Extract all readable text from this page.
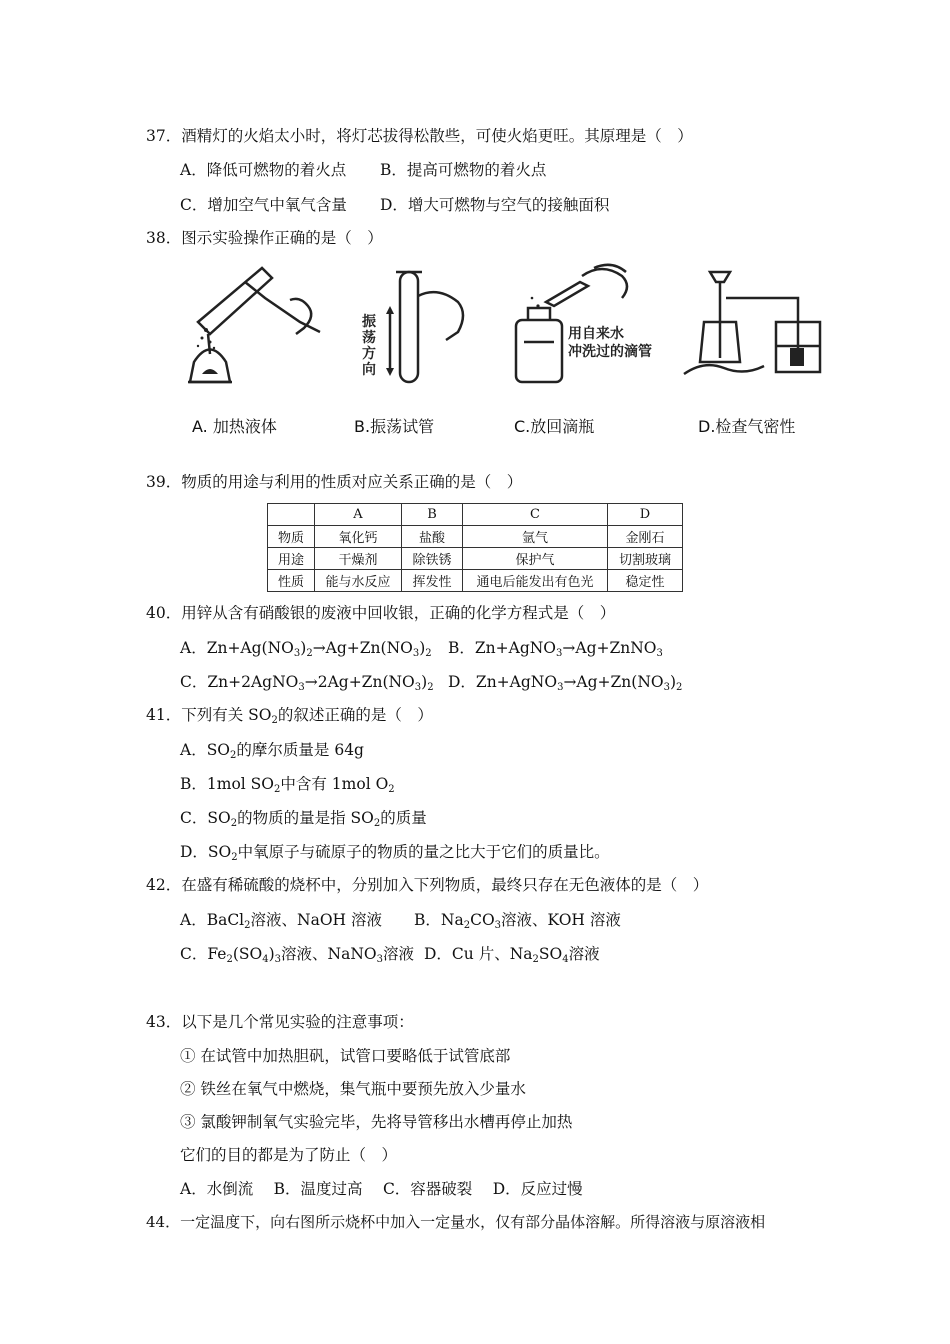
37．酒精灯的火焰太小时，将灯芯拔得松散些，可使火焰更旺。其原理是（　）
A．降低可燃物的着火点 B．提高可燃物的着火点
C．增加空气中氧气含量 D．增大可燃物与空气的接触面积
38．图示实验操作正确的是（　）
振
荡
方
向
用自来水
冲洗过的滴管
A. 加热液体	B.振荡试管	C.放回滴瓶	D.检查气密性
39．物质的用途与利用的性质对应关系正确的是（　）
	A	B	C	D
物质	氧化钙	盐酸	氩气	金刚石
用途	干燥剂	除铁锈	保护气	切割玻璃
性质	能与水反应	挥发性	通电后能发出有色光	稳定性
40．用锌从含有硝酸银的废液中回收银，正确的化学方程式是（　）
A．$Zn+Ag(NO_3)_2\to Ag+Zn(NO_3)_2$ B．Zn+AgNO$_3$→Ag+ZnNO$_3$
C．$Zn+2AgNO_3\to 2Ag+Zn(NO_3)_2$ D．$Zn+AgNO_3\to Ag+Zn(NO_3)_2$
41．下列有关 $SO_2$的叙述正确的是（　）
A．$SO_2$的摩尔质量是 64g
B．1mol $SO_2$中含有 1mol $O_2$
C．$SO_2$的物质的量是指 $SO_2$的质量
D．$SO_2$中氧原子与硫原子的物质的量之比大于它们的质量比。
42．在盛有稀硫酸的烧杯中，分别加入下列物质，最终只存在无色液体的是（　）
A．BaCl$_2$溶液、NaOH 溶液 B．$Na_2CO_3$溶液、KOH 溶液
C．$Fe_2(SO_4)_3$溶液、NaNO$_3$溶液 D．Cu 片、$Na_2SO_4$溶液
43．以下是几个常见实验的注意事项：
① 在试管中加热胆矾，试管口要略低于试管底部
② 铁丝在氧气中燃烧，集气瓶中要预先放入少量水
③ 氯酸钾制氧气实验完毕，先将导管移出水槽再停止加热
它们的目的都是为了防止（　）
A．水倒流　 B．温度过高　 C．容器破裂　 D．反应过慢
44．一定温度下，向右图所示烧杯中加入一定量水，仅有部分晶体溶解。所得溶液与原溶液相
